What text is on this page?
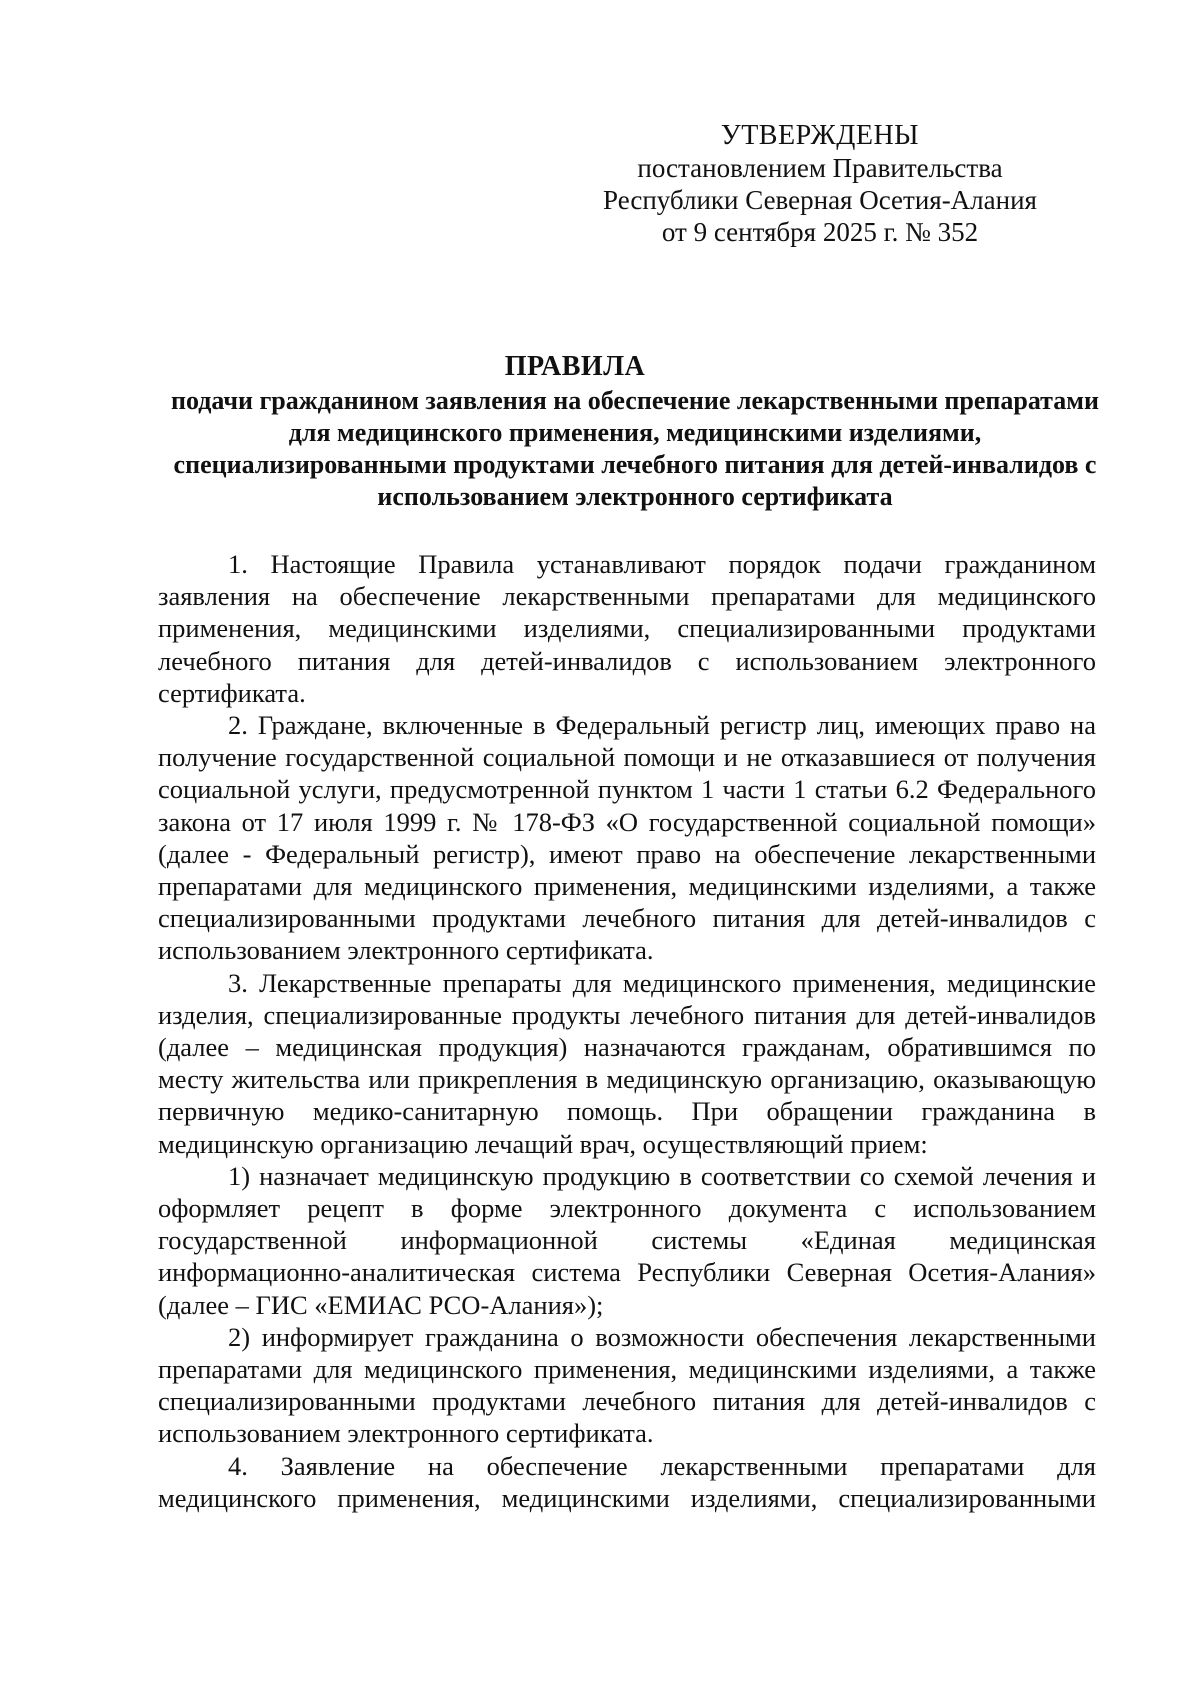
УТВЕРЖДЕНЫ
постановлением Правительства
Республики Северная Осетия-Алания
от 9 сентября 2025 г. № 352
ПРАВИЛА
подачи гражданином заявления на обеспечение лекарственными препаратами для медицинского применения, медицинскими изделиями, специализированными продуктами лечебного питания для детей-инвалидов с использованием электронного сертификата

1. Настоящие Правила устанавливают порядок подачи гражданином заявления на обеспечение лекарственными препаратами для медицинского применения, медицинскими изделиями, специализированными продуктами лечебного питания для детей-инвалидов с использованием электронного сертификата.

2. Граждане, включенные в Федеральный регистр лиц, имеющих право на получение государственной социальной помощи и не отказавшиеся от получения социальной услуги, предусмотренной пунктом 1 части 1 статьи 6.2 Федерального закона от 17 июля 1999 г. № 178-ФЗ «О государственной социальной помощи» (далее - Федеральный регистр), имеют право на обеспечение лекарственными препаратами для медицинского применения, медицинскими изделиями, а также специализированными продуктами лечебного питания для детей-инвалидов с использованием электронного сертификата.

3. Лекарственные препараты для медицинского применения, медицинские изделия, специализированные продукты лечебного питания для детей-инвалидов (далее – медицинская продукция) назначаются гражданам, обратившимся по месту жительства или прикрепления в медицинскую организацию, оказывающую первичную медико-санитарную помощь. При обращении гражданина в медицинскую организацию лечащий врач, осуществляющий прием:

1) назначает медицинскую продукцию в соответствии со схемой лечения и оформляет рецепт в форме электронного документа с использованием государственной информационной системы «Единая медицинская информационно-аналитическая система Республики Северная Осетия-Алания» (далее – ГИС «ЕМИАС РСО-Алания»);

2) информирует гражданина о возможности обеспечения лекарственными препаратами для медицинского применения, медицинскими изделиями, а также специализированными продуктами лечебного питания для детей-инвалидов с использованием электронного сертификата.

4. Заявление на обеспечение лекарственными препаратами для медицинского применения, медицинскими изделиями, специализированными
